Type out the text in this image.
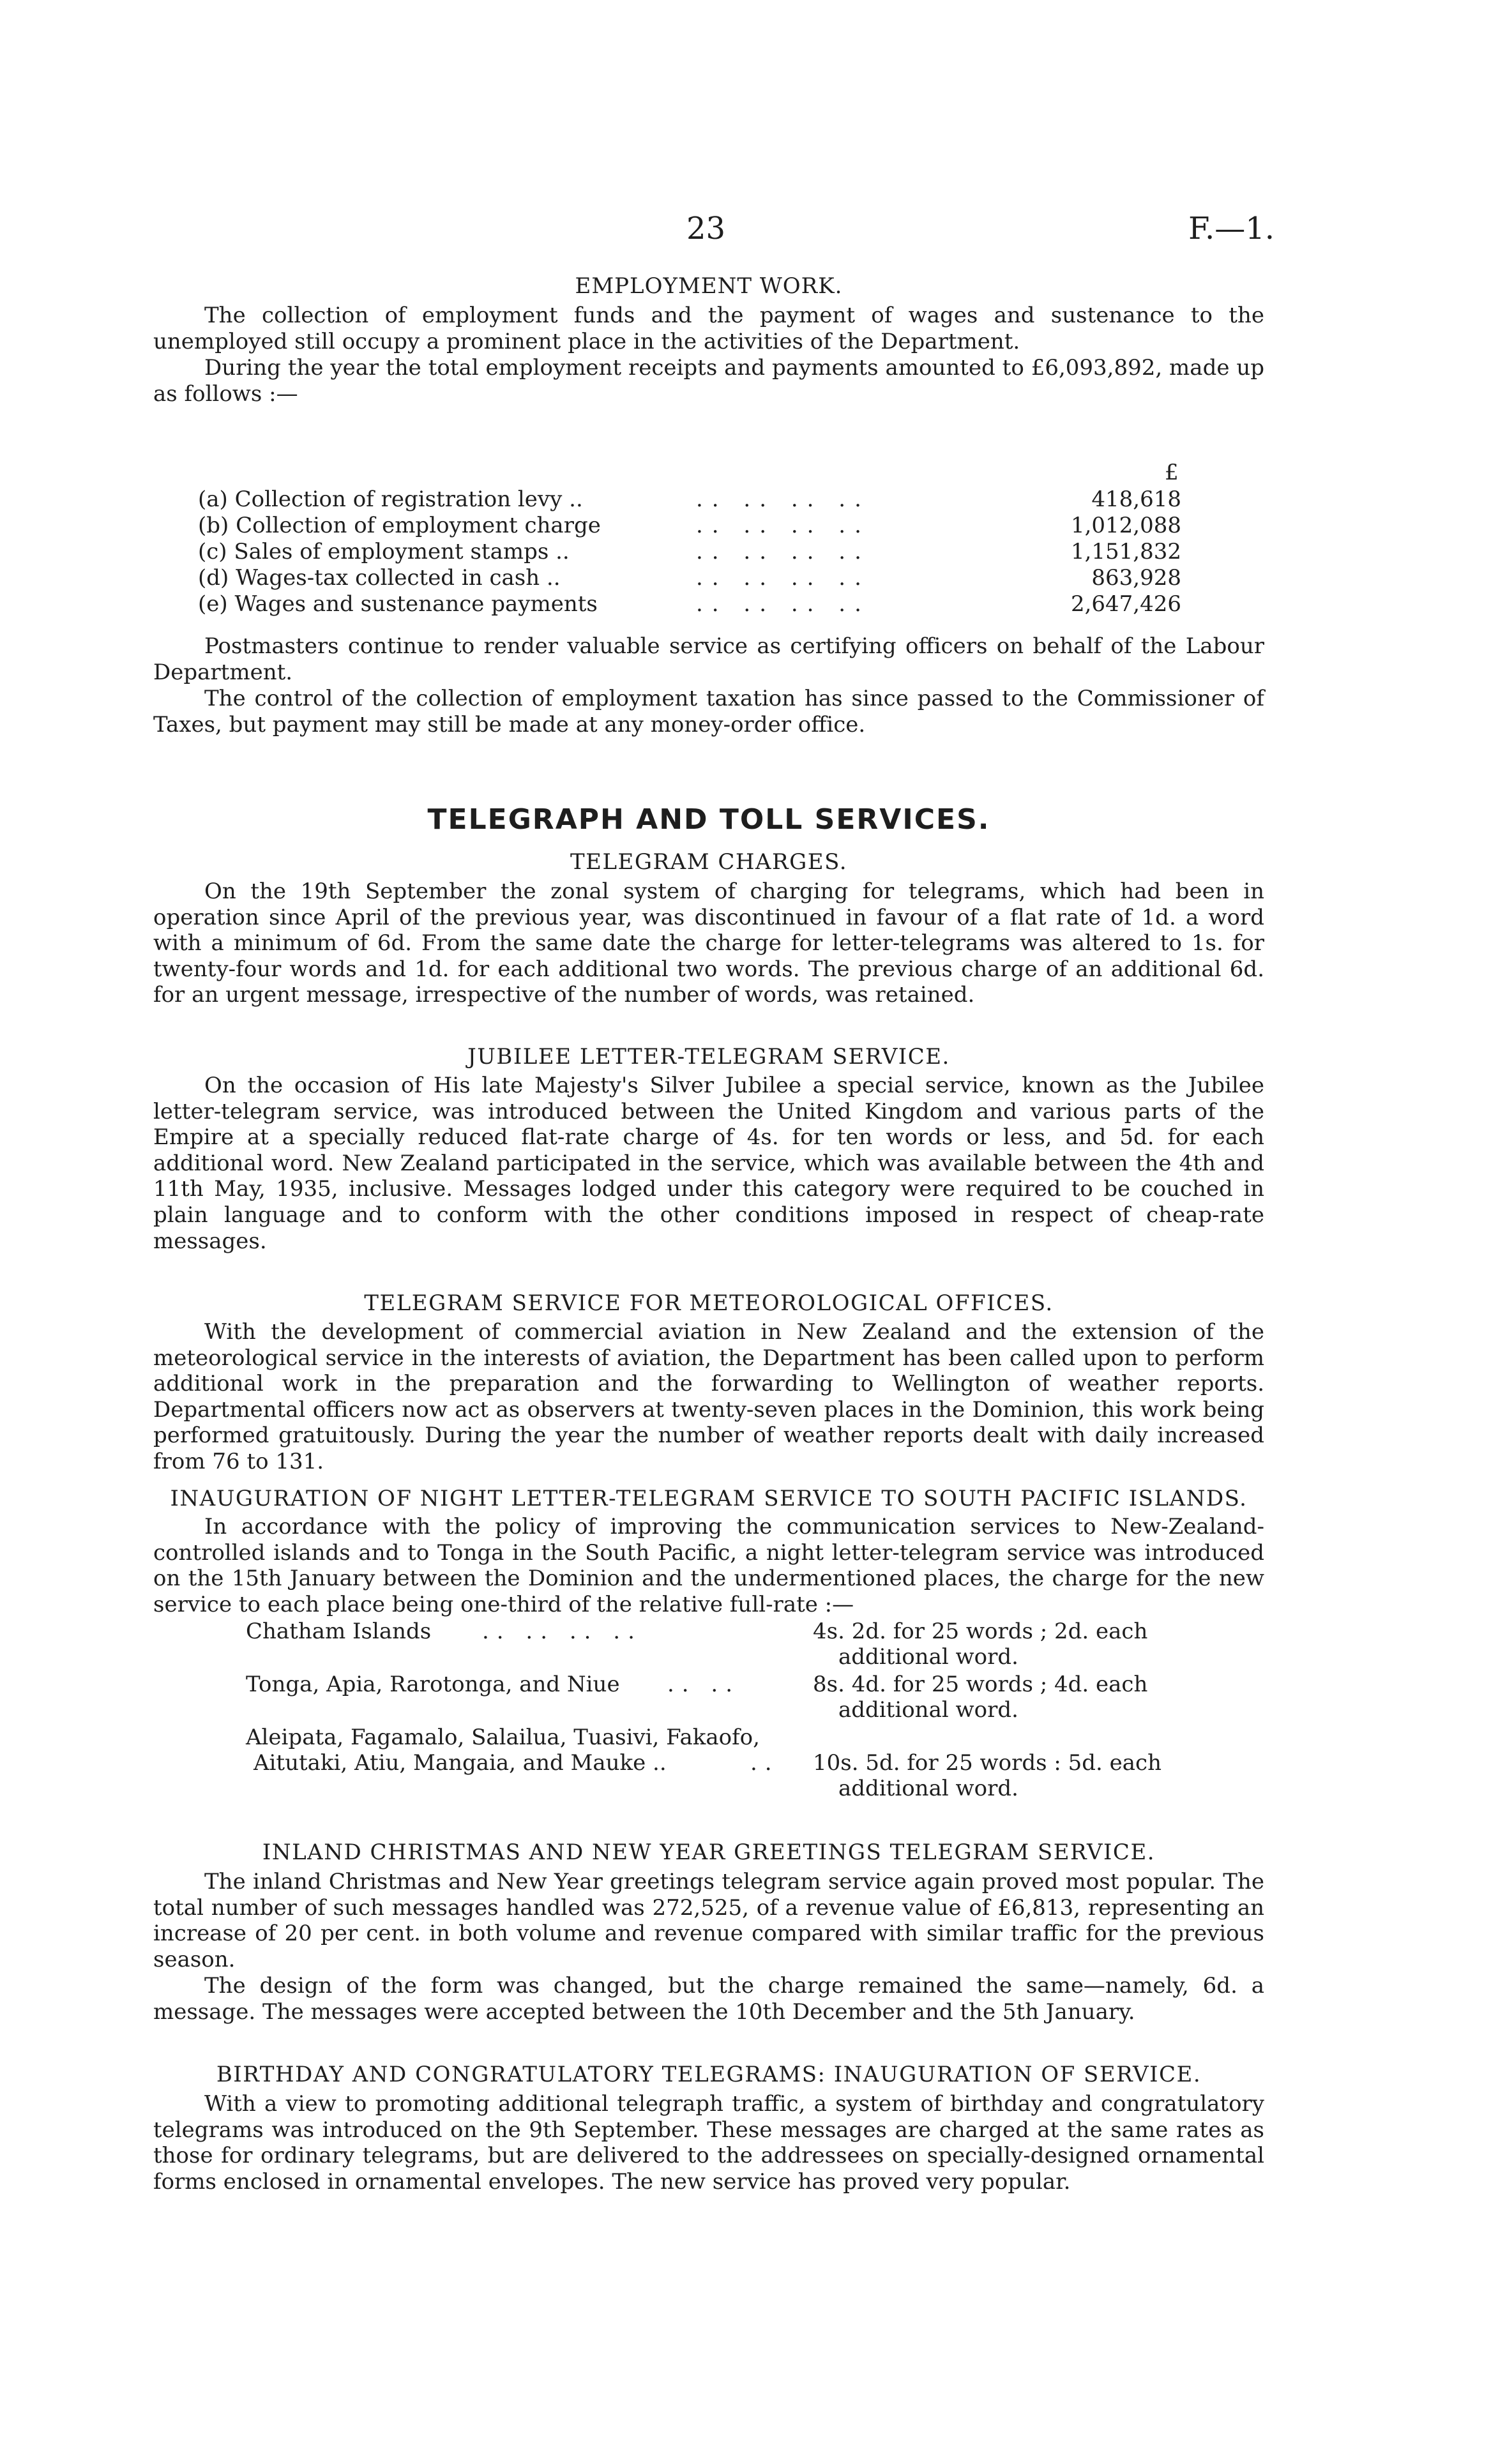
23	F.—1.
EMPLOYMENT WORK.
The collection of employment funds and the payment of wages and sustenance to the unemployed still occupy a prominent place in the activities of the Department.
During the year the total employment receipts and payments amounted to £6,093,892, made up as follows :—
£
(a) Collection of registration levy ..	.. .. .. ..	418,618
(b) Collection of employment charge	.. .. .. ..	1,012,088
(c) Sales of employment stamps ..	.. .. .. ..	1,151,832
(d) Wages-tax collected in cash ..	.. .. .. ..	863,928
(e) Wages and sustenance payments	.. .. .. ..	2,647,426
Postmasters continue to render valuable service as certifying officers on behalf of the Labour Department.
The control of the collection of employment taxation has since passed to the Commissioner of Taxes, but payment may still be made at any money-order office.
TELEGRAPH AND TOLL SERVICES.
TELEGRAM CHARGES.
On the 19th September the zonal system of charging for telegrams, which had been in operation since April of the previous year, was discontinued in favour of a flat rate of 1d. a word with a minimum of 6d. From the same date the charge for letter-telegrams was altered to 1s. for twenty-four words and 1d. for each additional two words. The previous charge of an additional 6d. for an urgent message, irrespective of the number of words, was retained.
JUBILEE LETTER-TELEGRAM SERVICE.
On the occasion of His late Majesty's Silver Jubilee a special service, known as the Jubilee letter-telegram service, was introduced between the United Kingdom and various parts of the Empire at a specially reduced flat-rate charge of 4s. for ten words or less, and 5d. for each additional word. New Zealand participated in the service, which was available between the 4th and 11th May, 1935, inclusive. Messages lodged under this category were required to be couched in plain language and to conform with the other conditions imposed in respect of cheap-rate messages.
TELEGRAM SERVICE FOR METEOROLOGICAL OFFICES.
With the development of commercial aviation in New Zealand and the extension of the meteorological service in the interests of aviation, the Department has been called upon to perform additional work in the preparation and the forwarding to Wellington of weather reports. Departmental officers now act as observers at twenty-seven places in the Dominion, this work being performed gratuitously. During the year the number of weather reports dealt with daily increased from 76 to 131.
INAUGURATION OF NIGHT LETTER-TELEGRAM SERVICE TO SOUTH PACIFIC ISLANDS.
In accordance with the policy of improving the communication services to New-Zealand-controlled islands and to Tonga in the South Pacific, a night letter-telegram service was introduced on the 15th January between the Dominion and the undermentioned places, the charge for the new service to each place being one-third of the relative full-rate :—
Chatham Islands .. .. .. ..	4s. 2d. for 25 words ; 2d. each
additional word.
Tonga, Apia, Rarotonga, and Niue .. ..	8s. 4d. for 25 words ; 4d. each
additional word.
Aleipata, Fagamalo, Salailua, Tuasivi, Fakaofo,
Aitutaki, Atiu, Mangaia, and Mauke ..	.. 10s. 5d. for 25 words : 5d. each
additional word.
INLAND CHRISTMAS AND NEW YEAR GREETINGS TELEGRAM SERVICE.
The inland Christmas and New Year greetings telegram service again proved most popular. The total number of such messages handled was 272,525, of a revenue value of £6,813, representing an increase of 20 per cent. in both volume and revenue compared with similar traffic for the previous season.
The design of the form was changed, but the charge remained the same—namely, 6d. a message. The messages were accepted between the 10th December and the 5th January.
BIRTHDAY AND CONGRATULATORY TELEGRAMS: INAUGURATION OF SERVICE.
With a view to promoting additional telegraph traffic, a system of birthday and congratulatory telegrams was introduced on the 9th September. These messages are charged at the same rates as those for ordinary telegrams, but are delivered to the addressees on specially-designed ornamental forms enclosed in ornamental envelopes. The new service has proved very popular.
